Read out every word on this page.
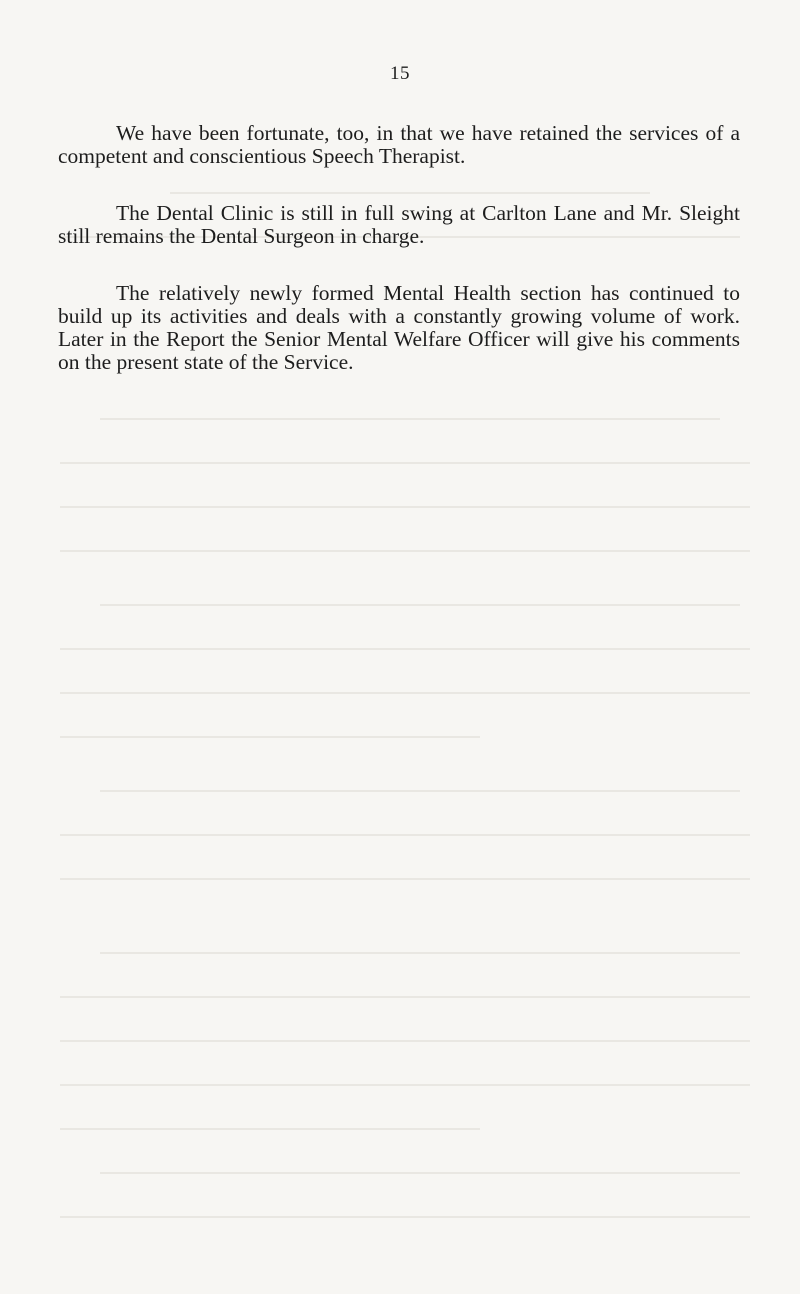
15

We have been fortunate, too, in that we have retained the services of a competent and conscientious Speech Therapist.

The Dental Clinic is still in full swing at Carlton Lane and Mr. Sleight still remains the Dental Surgeon in charge.

The relatively newly formed Mental Health section has continued to build up its activities and deals with a constantly growing volume of work. Later in the Report the Senior Mental Welfare Officer will give his comments on the present state of the Service.
